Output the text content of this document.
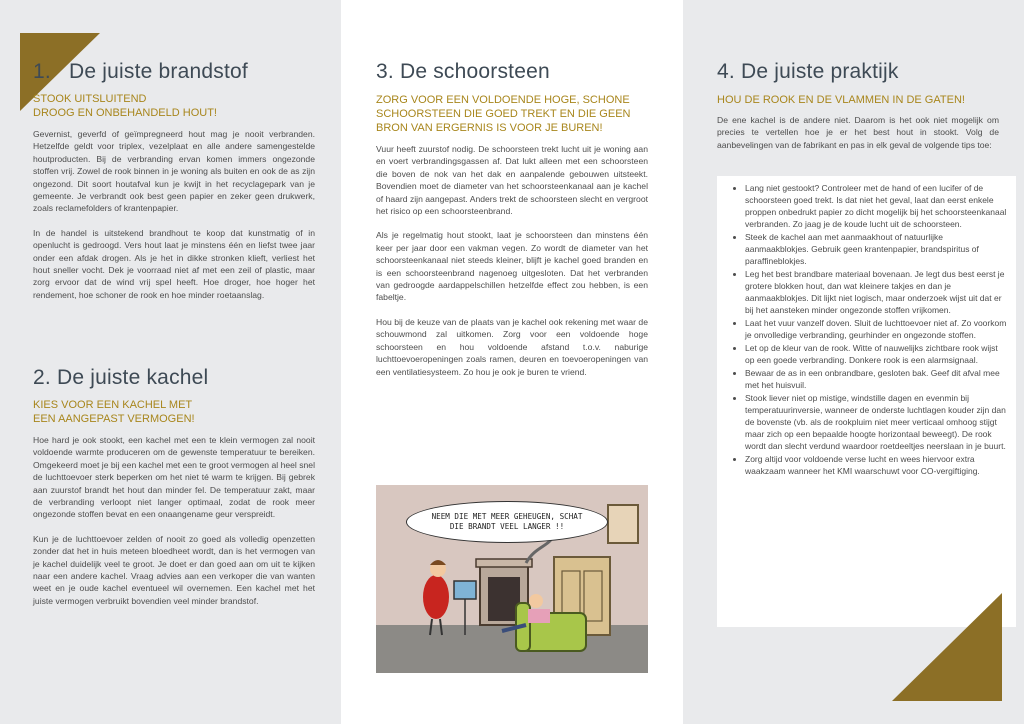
1. De juiste brandstof
STOOK UITSLUITEND
DROOG EN ONBEHANDELD HOUT!

Gevernist, geverfd of geïmpregneerd hout mag je nooit verbranden. Hetzelfde geldt voor triplex, vezelplaat en alle andere samengestelde houtproducten. Bij de verbranding ervan komen immers ongezonde stoffen vrij. Zowel de rook binnen in je woning als buiten en ook de as zijn ongezond. Dit soort houtafval kun je kwijt in het recyclagepark van je gemeente. Je verbrandt ook best geen papier en zeker geen drukwerk, zoals reclamefolders of krantenpapier.

In de handel is uitstekend brandhout te koop dat kunstmatig of in openlucht is gedroogd. Vers hout laat je minstens één en liefst twee jaar onder een afdak drogen. Als je het in dikke stronken klieft, verliest het hout sneller vocht. Dek je voorraad niet af met een zeil of plastic, maar zorg ervoor dat de wind vrij spel heeft. Hoe droger, hoe hoger het rendement, hoe schoner de rook en hoe minder roetaanslag.

2. De juiste kachel
KIES VOOR EEN KACHEL MET
EEN AANGEPAST VERMOGEN!

Hoe hard je ook stookt, een kachel met een te klein vermogen zal nooit voldoende warmte produceren om de gewenste temperatuur te bereiken. Omgekeerd moet je bij een kachel met een te groot vermogen al heel snel de luchttoevoer sterk beperken om het niet té warm te krijgen. Bij gebrek aan zuurstof brandt het hout dan minder fel. De temperatuur zakt, maar de verbranding verloopt niet langer optimaal, zodat de rook meer ongezonde stoffen bevat en een onaangename geur verspreidt.

Kun je de luchttoevoer zelden of nooit zo goed als volledig openzetten zonder dat het in huis meteen bloedheet wordt, dan is het vermogen van je kachel duidelijk veel te groot. Je doet er dan goed aan om uit te kijken naar een andere kachel. Vraag advies aan een verkoper die van wanten weet en je oude kachel eventueel wil overnemen. Een kachel met het juiste vermogen verbruikt bovendien veel minder brandstof.

3. De schoorsteen
ZORG VOOR EEN VOLDOENDE HOGE, SCHONE SCHOORSTEEN DIE GOED TREKT EN DIE GEEN BRON VAN ERGERNIS IS VOOR JE BUREN!

Vuur heeft zuurstof nodig. De schoorsteen trekt lucht uit je woning aan en voert verbrandingsgassen af. Dat lukt alleen met een schoorsteen die boven de nok van het dak en aanpalende gebouwen uitsteekt. Bovendien moet de diameter van het schoorsteenkanaal aan je kachel of haard zijn aangepast. Anders trekt de schoorsteen slecht en vergroot het risico op een schoorsteenbrand.

Als je regelmatig hout stookt, laat je schoorsteen dan minstens één keer per jaar door een vakman vegen. Zo wordt de diameter van het schoorsteenkanaal niet steeds kleiner, blijft je kachel goed branden en is een schoorsteenbrand nagenoeg uitgesloten. Dat het verbranden van gedroogde aardappelschillen hetzelfde effect zou hebben, is een fabeltje.

Hou bij de keuze van de plaats van je kachel ook rekening met waar de schouwmond zal uitkomen. Zorg voor een voldoende hoge schoorsteen en hou voldoende afstand t.o.v. naburige luchttoevoeropeningen zoals ramen, deuren en toevoeropeningen van een ventilatiesysteem. Zo hou je ook je buren te vriend.

NEEM DIE MET MEER GEHEUGEN, SCHAT
DIE BRANDT VEEL LANGER !!
4. De juiste praktijk
HOU DE ROOK EN DE VLAMMEN IN DE GATEN!

De ene kachel is de andere niet. Daarom is het ook niet mogelijk om precies te vertellen hoe je er het best hout in stookt. Volg de aanbevelingen van de fabrikant en pas in elk geval de volgende tips toe:

• Lang niet gestookt? Controleer met de hand of een lucifer of de schoorsteen goed trekt. Is dat niet het geval, laat dan eerst enkele proppen onbedrukt papier zo dicht mogelijk bij het schoorsteenkanaal verbranden. Zo jaag je de koude lucht uit de schoorsteen.
• Steek de kachel aan met aanmaakhout of natuurlijke aanmaakblokjes. Gebruik geen krantenpapier, brandspiritus of paraffineblokjes.
• Leg het best brandbare materiaal bovenaan. Je legt dus best eerst je grotere blokken hout, dan wat kleinere takjes en dan je aanmaakblokjes. Dit lijkt niet logisch, maar onderzoek wijst uit dat er bij het aansteken minder ongezonde stoffen vrijkomen.
• Laat het vuur vanzelf doven. Sluit de luchttoevoer niet af. Zo voorkom je onvolledige verbranding, geurhinder en ongezonde stoffen.
• Let op de kleur van de rook. Witte of nauwelijks zichtbare rook wijst op een goede verbranding. Donkere rook is een alarmsignaal.
• Bewaar de as in een onbrandbare, gesloten bak. Geef dit afval mee met het huisvuil.
• Stook liever niet op mistige, windstille dagen en evenmin bij temperatuurinversie, wanneer de onderste luchtlagen kouder zijn dan de bovenste (vb. als de rookpluim niet meer verticaal omhoog stijgt maar zich op een bepaalde hoogte horizontaal beweegt). De rook wordt dan slecht verdund waardoor roetdeeltjes neerslaan in je buurt.
• Zorg altijd voor voldoende verse lucht en wees hiervoor extra waakzaam wanneer het KMI waarschuwt voor CO-vergiftiging.
